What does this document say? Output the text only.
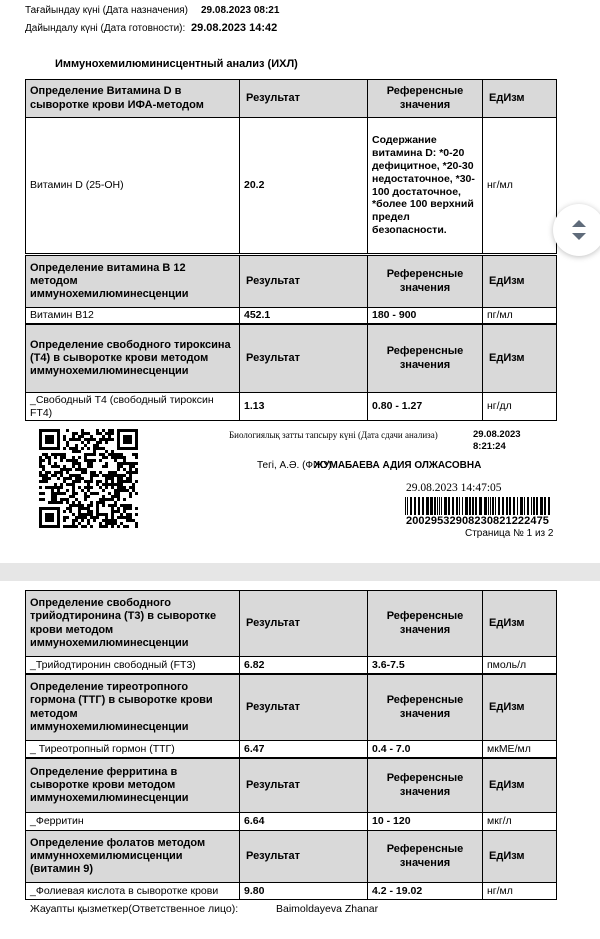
Тағайындау күні (Дата назначения) 29.08.2023 08:21
Дайындалу күні (Дата готовности): 29.08.2023 14:42
Иммунохемилюминисцентный анализ (ИХЛ)
Определение Витамина D в сыворотке крови ИФА-методом	Результат	Референсные значения	ЕдИзм
Витамин D (25-OH)	20.2	Содержание витамина D: *0-20 дефицитное, *20-30 недостаточное, *30-100 достаточное, *более 100 верхний предел безопасности.	нг/мл
Определение витамина В 12 методом иммунохемилюминесценции	Результат	Референсные значения	ЕдИзм
Витамин В12	452.1	180 - 900	пг/мл
Определение свободного тироксина (Т4) в сыворотке крови методом иммунохемилюминесценции	Результат	Референсные значения	ЕдИзм
_Свободный Т4 (свободный тироксин FT4)	1.13	0.80 - 1.27	нг/дл
Биологиялық затты тапсыру күні (Дата сдачи анализа)	29.08.2023
8:21:24
Тегі, А.Ә. (ФИО)
ЖУМАБАЕВА АДИЯ ОЛЖАСОВНА
29.08.2023 14:47:05
20029532908230821222475
Страница № 1 из 2
Определение свободного трийодтиронина (Т3) в сыворотке крови методом иммунохемилюминесценции	Результат	Референсные значения	ЕдИзм
_Трийодтиронин свободный (FT3)	6.82	3.6-7.5	пмоль/л
Определение тиреотропного гормона (ТТГ) в сыворотке крови методом иммунохемилюминесценции	Результат	Референсные значения	ЕдИзм
_ Тиреотропный гормон (ТТГ)	6.47	0.4 - 7.0	мкМЕ/мл
Определение ферритина в сыворотке крови методом иммунохемилюминесценции	Результат	Референсные значения	ЕдИзм
_Ферритин	6.64	10 - 120	мкг/л
Определение фолатов методом иммуннохемилюмисценции (витамин 9)	Результат	Референсные значения	ЕдИзм
_Фолиевая кислота в сыворотке крови	9.80	4.2 - 19.02	нг/мл
Жауапты қызметкер(Ответственное лицо):	Baimoldayeva Zhanar
